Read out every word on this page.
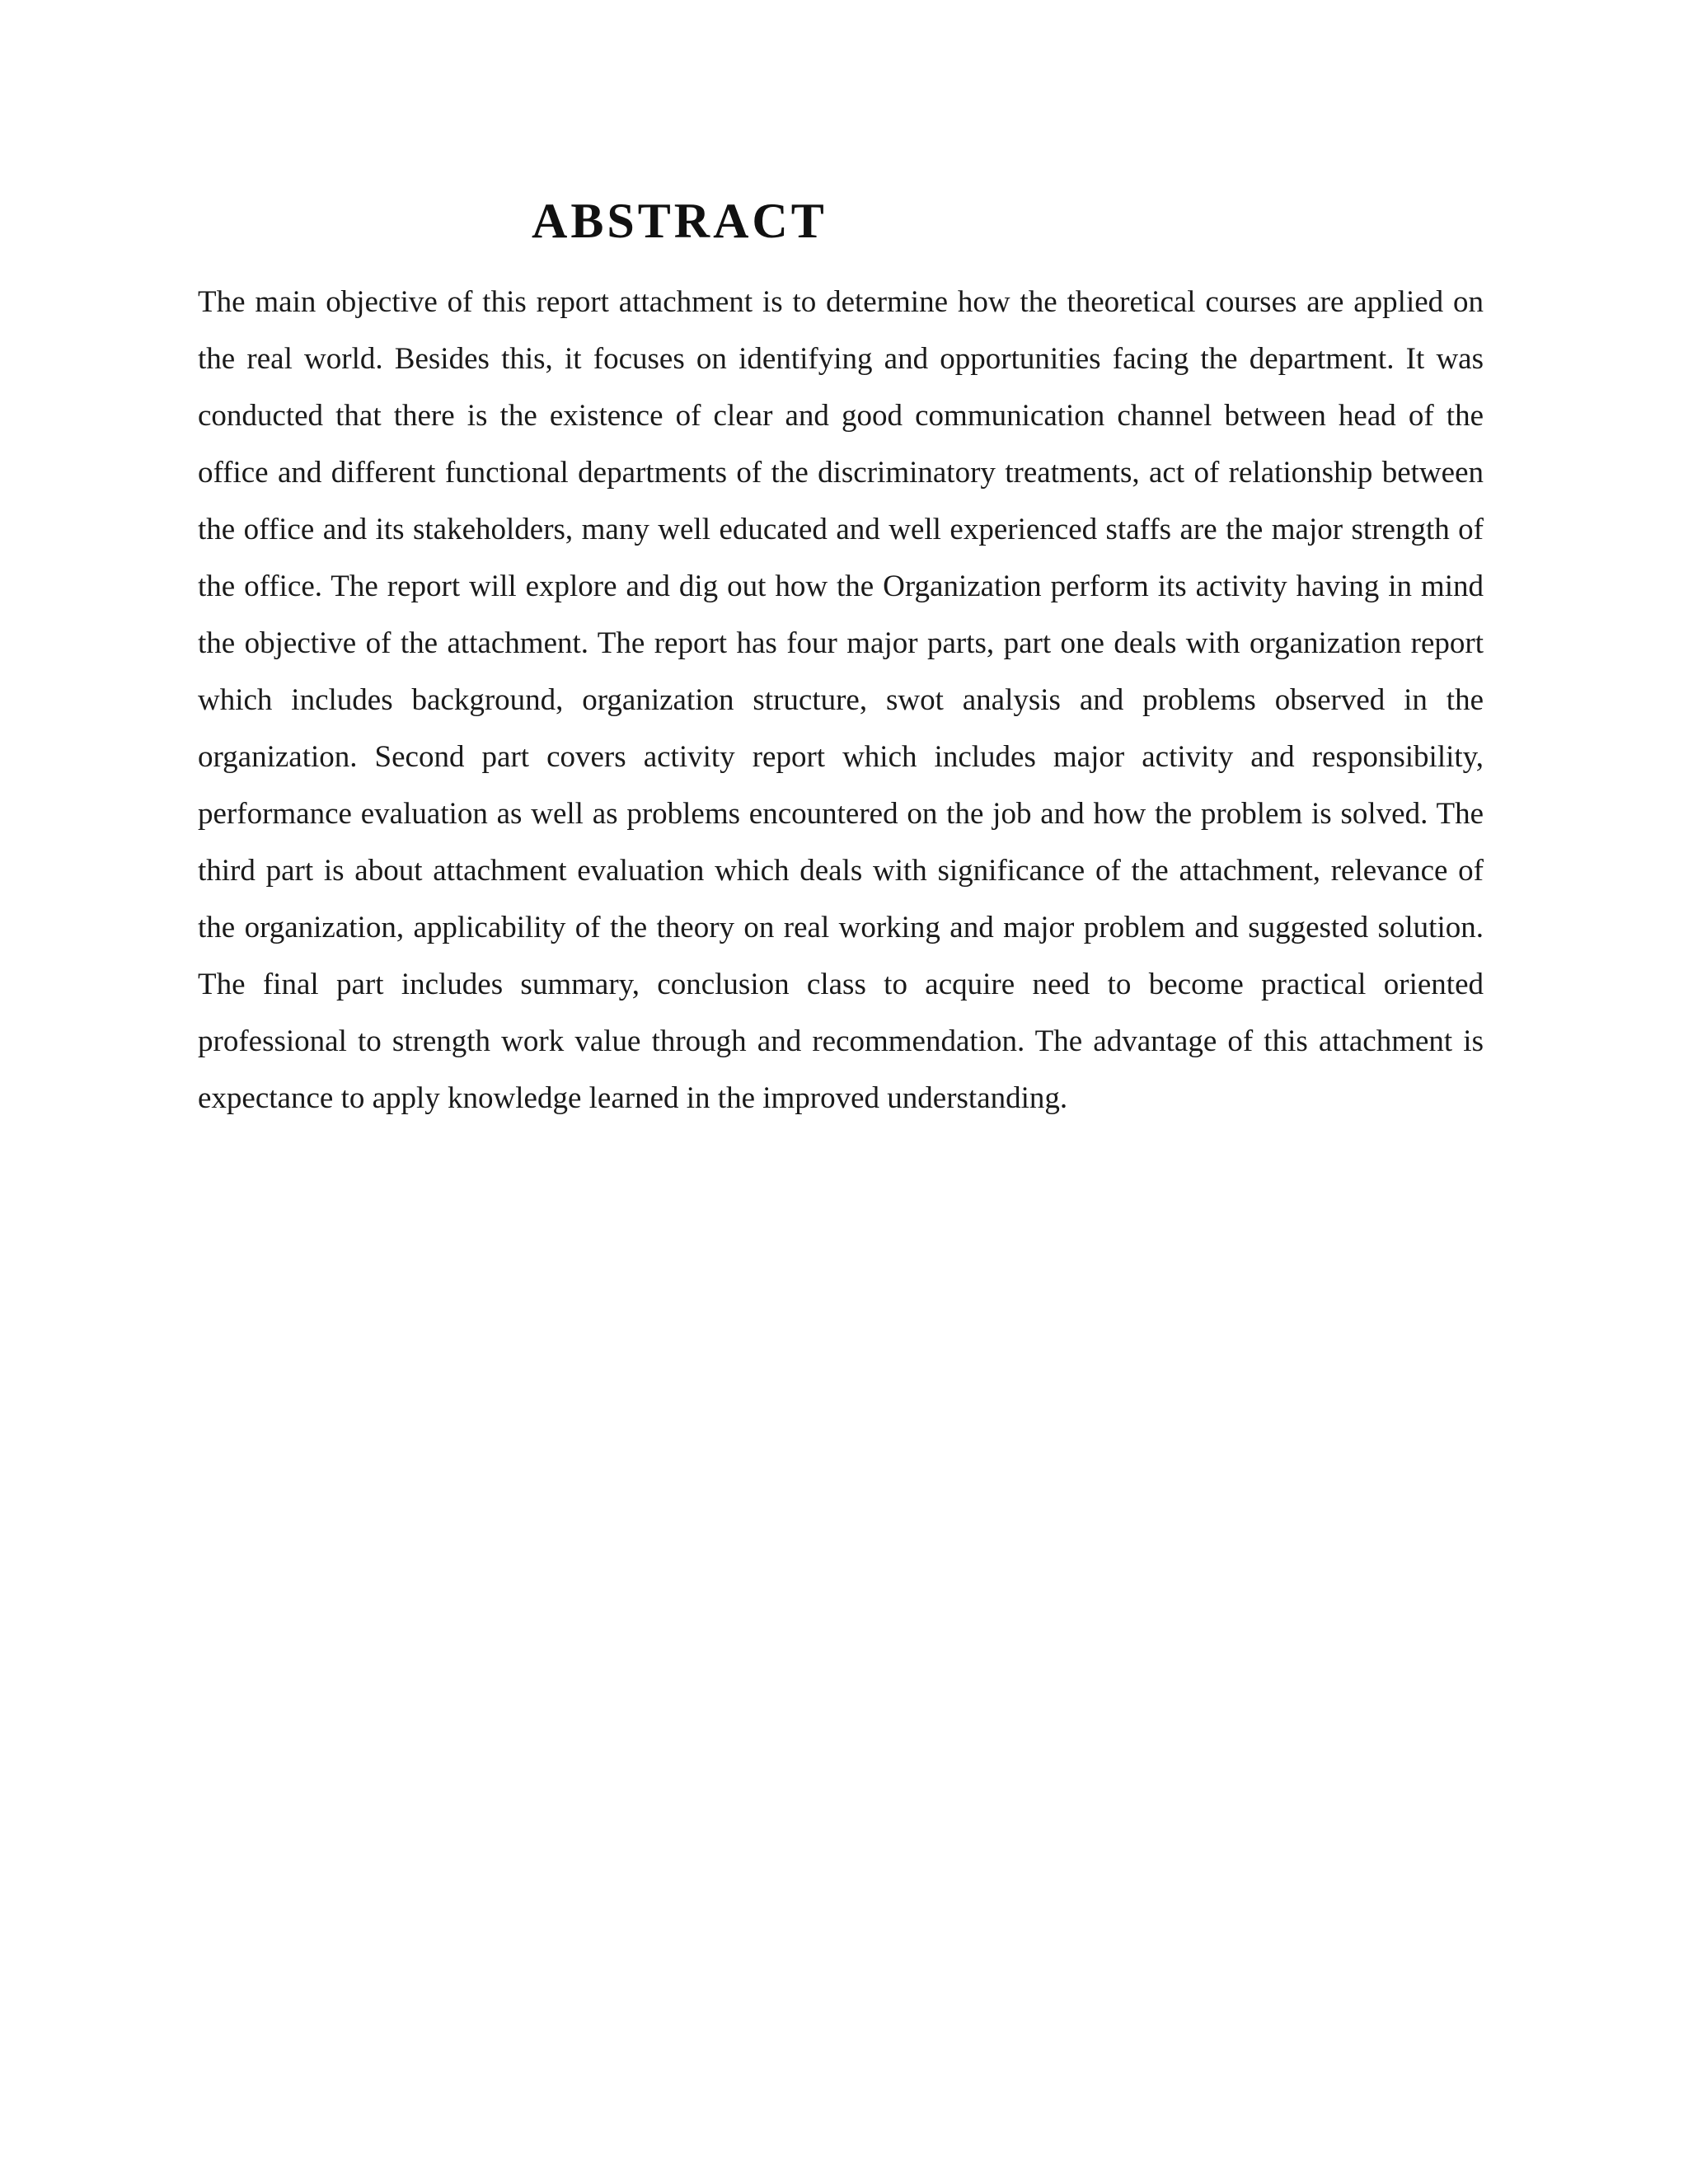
ABSTRACT

The main objective of this report attachment is to determine how the theoretical courses are applied on the real world. Besides this, it focuses on identifying and opportunities facing the department. It was conducted that there is the existence of clear and good communication channel between head of the office and different functional departments of the discriminatory treatments, act of relationship between the office and its stakeholders, many well educated and well experienced staffs are the major strength of the office. The report will explore and dig out how the Organization perform its activity having in mind the objective of the attachment. The report has four major parts, part one deals with organization report which includes background, organization structure, swot analysis and problems observed in the organization. Second part covers activity report which includes major activity and responsibility, performance evaluation as well as problems encountered on the job and how the problem is solved. The third part is about attachment evaluation which deals with significance of the attachment, relevance of the organization, applicability of the theory on real working and major problem and suggested solution. The final part includes summary, conclusion class to acquire need to become practical oriented professional to strength work value through and recommendation. The advantage of this attachment is expectance to apply knowledge learned in the improved understanding.
